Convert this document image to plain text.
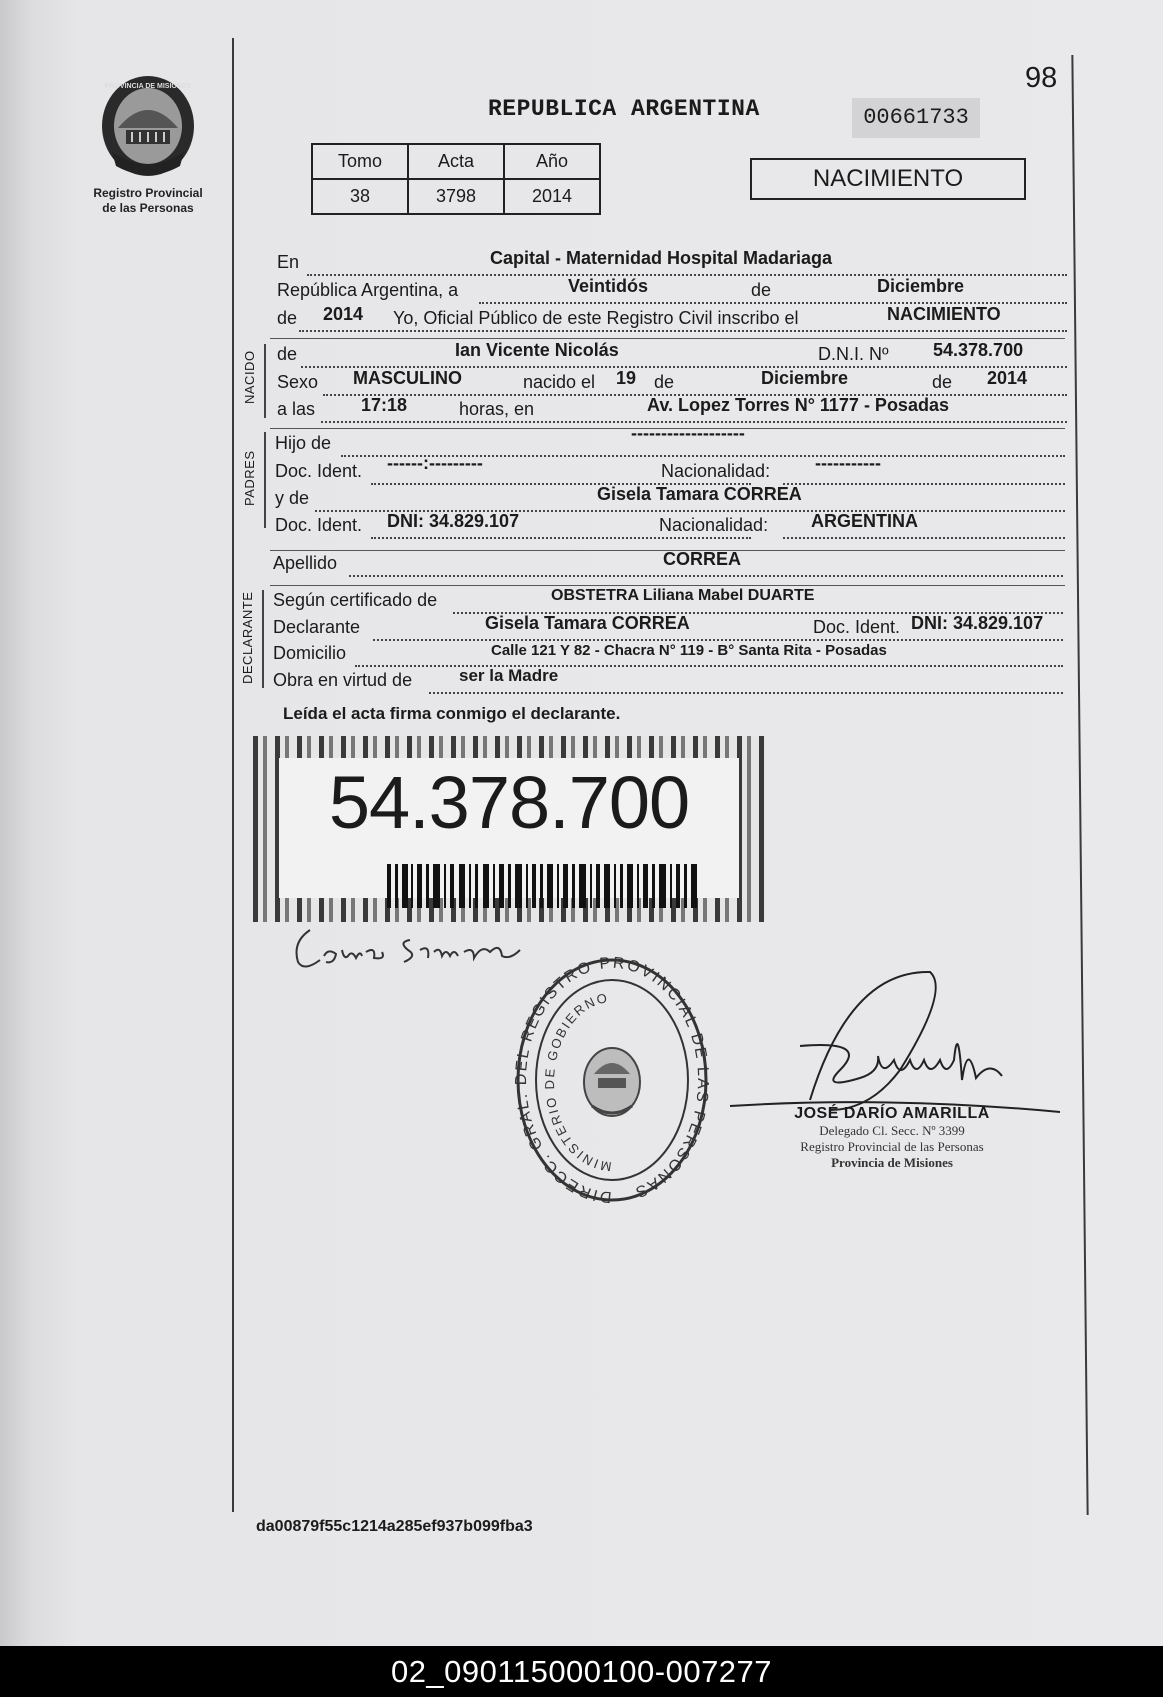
PROVINCIA DE MISIONES
Registro Provincial
de las Personas
98
REPUBLICA ARGENTINA	00661733
Tomo	Acta	Año
38	3798	2014
NACIMIENTO
En	Capital - Maternidad Hospital Madariaga
República Argentina, a	Veintidós	de	Diciembre
de 2014 Yo, Oficial Público de este Registro Civil inscribo el	NACIMIENTO
NACIDO de	Ian Vicente Nicolás	D.N.I. Nº 54.378.700
Sexo MASCULINO	nacido el 19 de	Diciembre	de 2014
a las	17:18	horas, en	Av. Lopez Torres N° 1177 - Posadas
PADRES
Hijo de	-------------------
Doc. Ident. ------:---------	Nacionalidad: -----------
y de	Gisela Tamara CORREA
Doc. Ident. DNI: 34.829.107	Nacionalidad: ARGENTINA
Apellido	CORREA
DECLARANTE Según certificado de	OBSTETRA Liliana Mabel DUARTE
Declarante	Gisela Tamara CORREA	Doc. Ident. DNI: 34.829.107
Domicilio	Calle 121 Y 82 - Chacra N° 119 - B° Santa Rita - Posadas
Obra en virtud de	ser la Madre
Leída el acta firma conmigo el declarante.
54.378.700
DIRECC. GRAL. DEL REGISTRO PROVINCIAL DE LAS PERSONAS
MINISTERIO DE GOBIERNO
JOSÉ DARÍO AMARILLA
Delegado Cl. Secc. Nº 3399
Registro Provincial de las Personas
Provincia de Misiones
da00879f55c1214a285ef937b099fba3
02_090115000100-007277
